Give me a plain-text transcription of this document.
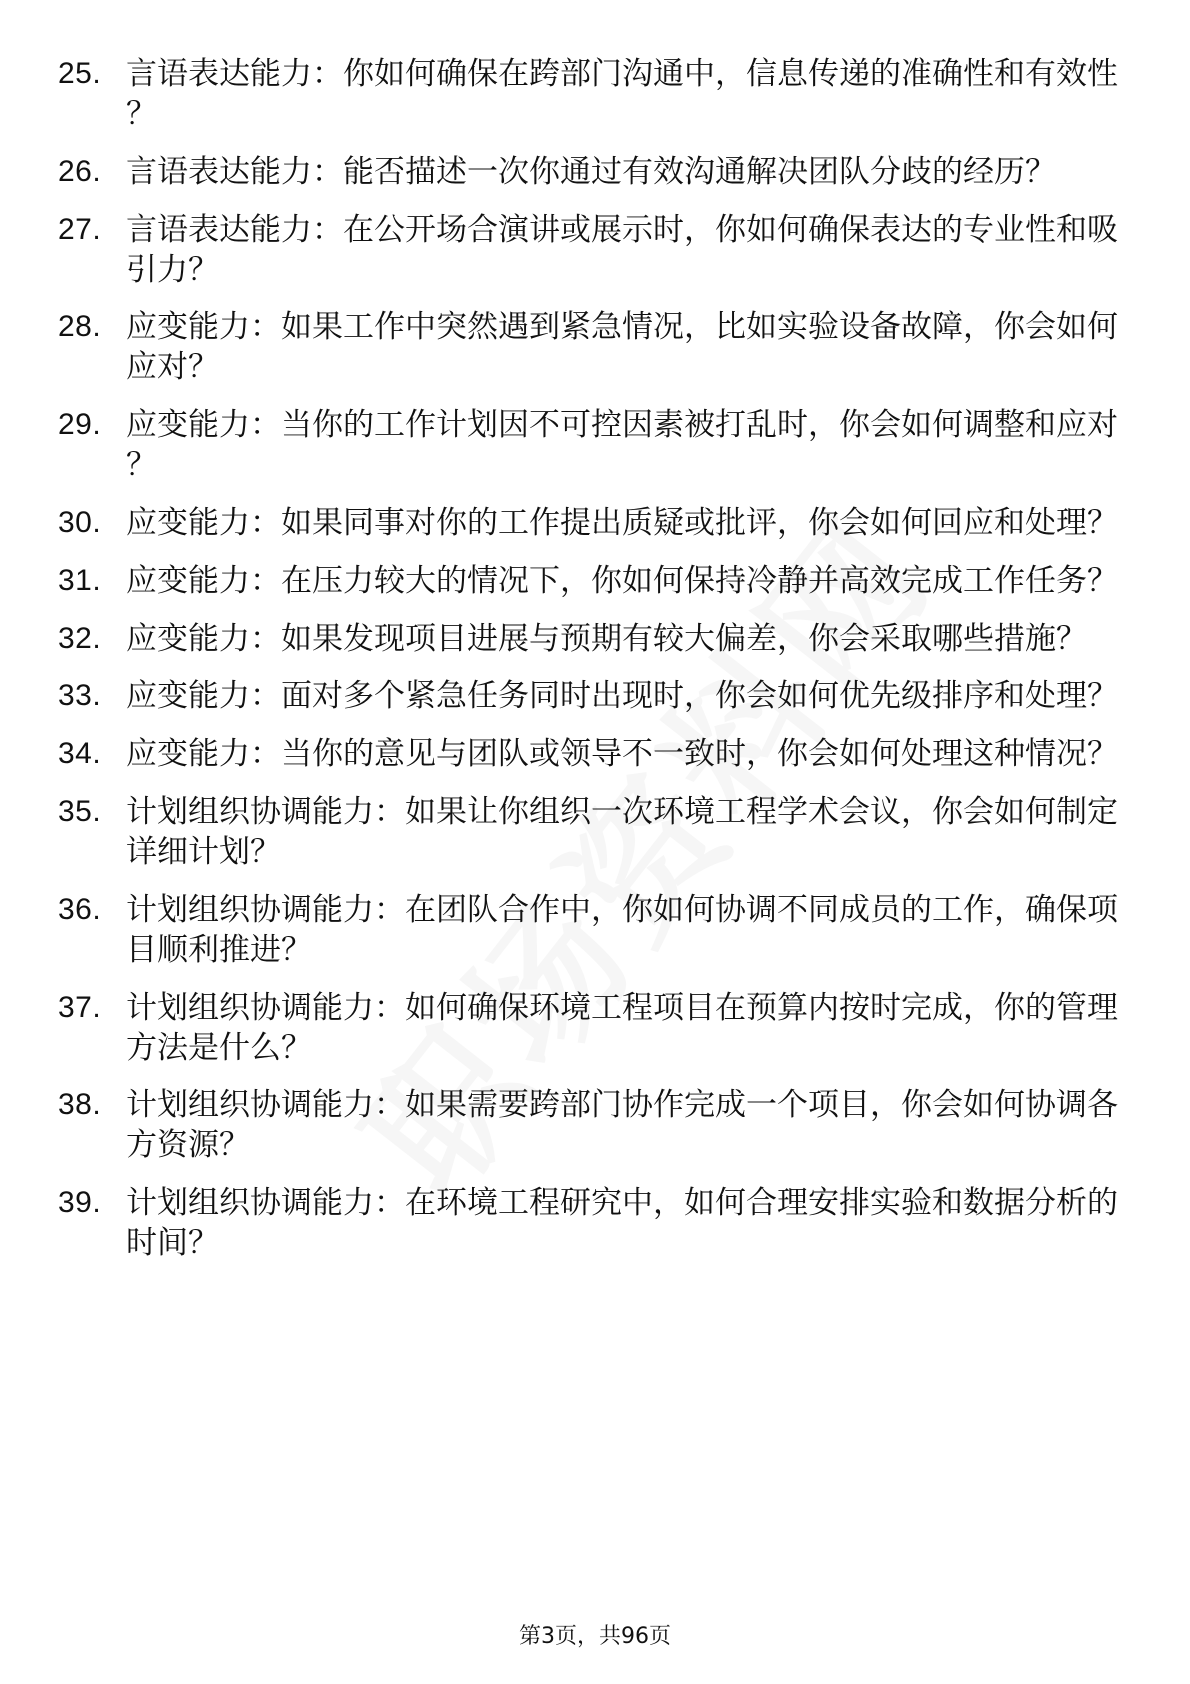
25. 言语表达能力：你如何确保在跨部门沟通中，信息传递的准确性和有效性？
26. 言语表达能力：能否描述一次你通过有效沟通解决团队分歧的经历？
27. 言语表达能力：在公开场合演讲或展示时，你如何确保表达的专业性和吸引力？
28. 应变能力：如果工作中突然遇到紧急情况，比如实验设备故障，你会如何应对？
29. 应变能力：当你的工作计划因不可控因素被打乱时，你会如何调整和应对？
30. 应变能力：如果同事对你的工作提出质疑或批评，你会如何回应和处理？
31. 应变能力：在压力较大的情况下，你如何保持冷静并高效完成工作任务？
32. 应变能力：如果发现项目进展与预期有较大偏差，你会采取哪些措施？
33. 应变能力：面对多个紧急任务同时出现时，你会如何优先级排序和处理？
34. 应变能力：当你的意见与团队或领导不一致时，你会如何处理这种情况？
35. 计划组织协调能力：如果让你组织一次环境工程学术会议，你会如何制定详细计划？
36. 计划组织协调能力：在团队合作中，你如何协调不同成员的工作，确保项目顺利推进？
37. 计划组织协调能力：如何确保环境工程项目在预算内按时完成，你的管理方法是什么？
38. 计划组织协调能力：如果需要跨部门协作完成一个项目，你会如何协调各方资源？
39. 计划组织协调能力：在环境工程研究中，如何合理安排实验和数据分析的时间？
第3页，共96页
